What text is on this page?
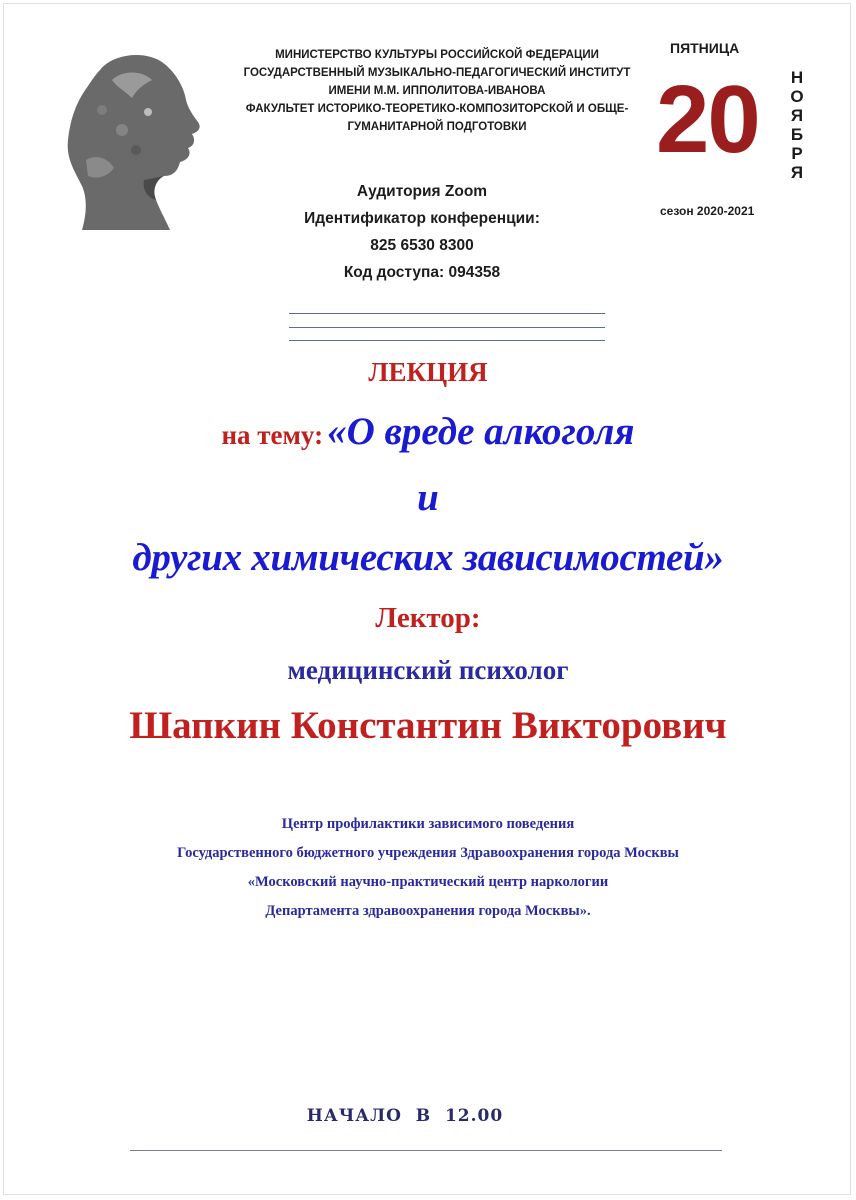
МИНИСТЕРСТВО КУЛЬТУРЫ РОССИЙСКОЙ ФЕДЕРАЦИИ
ГОСУДАРСТВЕННЫЙ МУЗЫКАЛЬНО-ПЕДАГОГИЧЕСКИЙ ИНСТИТУТ
ИМЕНИ М.М. ИППОЛИТОВА-ИВАНОВА
ФАКУЛЬТЕТ ИСТОРИКО-ТЕОРЕТИКО-КОМПОЗИТОРСКОЙ И ОБЩЕ-
ГУМАНИТАРНОЙ ПОДГОТОВКИ
Аудитория Zoom
Идентификатор конференции:
825 6530 8300
Код доступа: 094358
ПЯТНИЦА
20 Н
О
Я
Б
Р
Я
сезон 2020-2021
ЛЕКЦИЯ
на тему: «О вреде алкоголя
и
других химических зависимостей»
Лектор:
медицинский психолог
Шапкин Константин Викторович
Центр профилактики зависимого поведения
Государственного бюджетного учреждения Здравоохранения города Москвы
«Московский научно-практический центр наркологии
Департамента здравоохранения города Москвы».
НАЧАЛО  В  12.00
